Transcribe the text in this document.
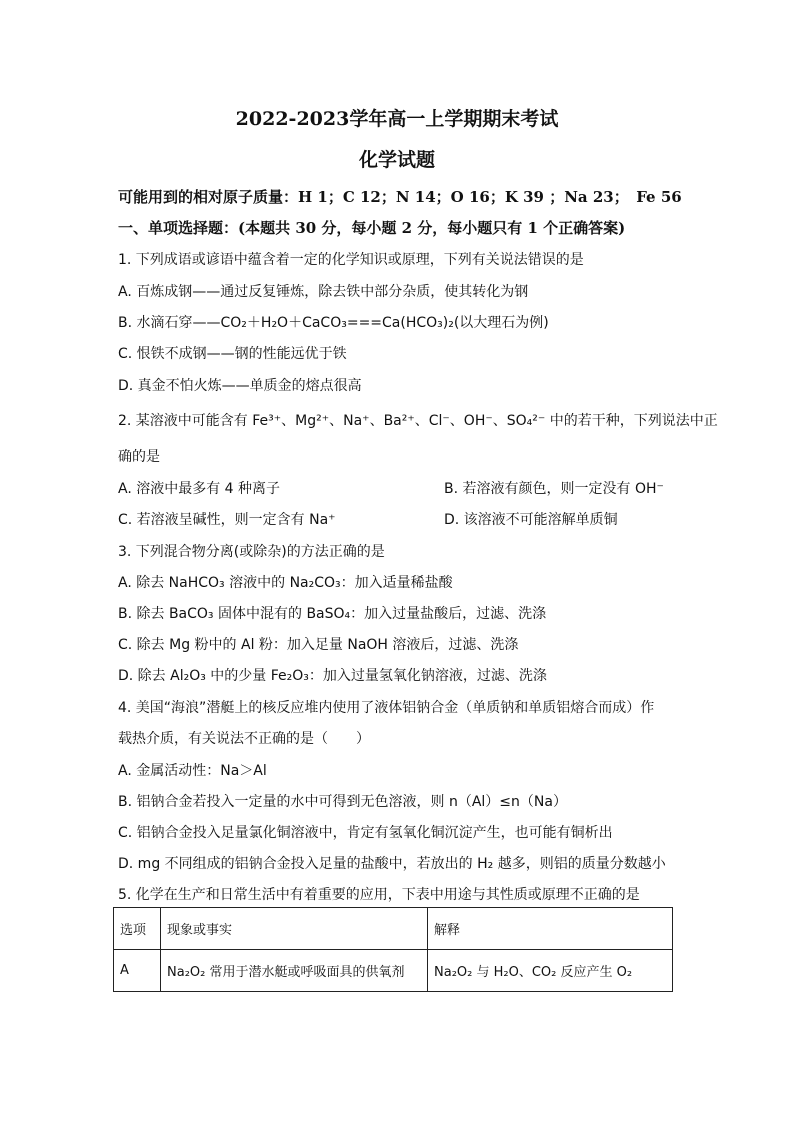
2022-2023学年高一上学期期末考试
化学试题
可能用到的相对原子质量：H 1；C 12；N 14；O 16；K 39 ；Na 23；　Fe 56
一、单项选择题：(本题共 30 分，每小题 2 分，每小题只有 1 个正确答案)
1. 下列成语或谚语中蕴含着一定的化学知识或原理，下列有关说法错误的是
A. 百炼成钢——通过反复锤炼，除去铁中部分杂质，使其转化为钢
B. 水滴石穿——CO₂＋H₂O＋CaCO₃===Ca(HCO₃)₂(以大理石为例)
C. 恨铁不成钢——钢的性能远优于铁
D. 真金不怕火炼——单质金的熔点很高
2. 某溶液中可能含有 Fe³⁺、Mg²⁺、Na⁺、Ba²⁺、Cl⁻、OH⁻、SO₄²⁻ 中的若干种，下列说法中正
确的是
A. 溶液中最多有 4 种离子	B. 若溶液有颜色，则一定没有 OH⁻
C. 若溶液呈碱性，则一定含有 Na⁺	D. 该溶液不可能溶解单质铜
3. 下列混合物分离(或除杂)的方法正确的是
A. 除去 NaHCO₃ 溶液中的 Na₂CO₃：加入适量稀盐酸
B. 除去 BaCO₃ 固体中混有的 BaSO₄：加入过量盐酸后，过滤、洗涤
C. 除去 Mg 粉中的 Al 粉：加入足量 NaOH 溶液后，过滤、洗涤
D. 除去 Al₂O₃ 中的少量 Fe₂O₃：加入过量氢氧化钠溶液，过滤、洗涤
4. 美国“海浪”潜艇上的核反应堆内使用了液体铝钠合金（单质钠和单质铝熔合而成）作
载热介质，有关说法不正确的是（　　）
A. 金属活动性：Na＞Al
B. 铝钠合金若投入一定量的水中可得到无色溶液，则 n（Al）≤n（Na）
C. 铝钠合金投入足量氯化铜溶液中，肯定有氢氧化铜沉淀产生，也可能有铜析出
D. mg 不同组成的铝钠合金投入足量的盐酸中，若放出的 H₂ 越多，则铝的质量分数越小
5. 化学在生产和日常生活中有着重要的应用，下表中用途与其性质或原理不正确的是
选项	现象或事实	解释
A	Na₂O₂ 常用于潜水艇或呼吸面具的供氧剂	Na₂O₂ 与 H₂O、CO₂ 反应产生 O₂
